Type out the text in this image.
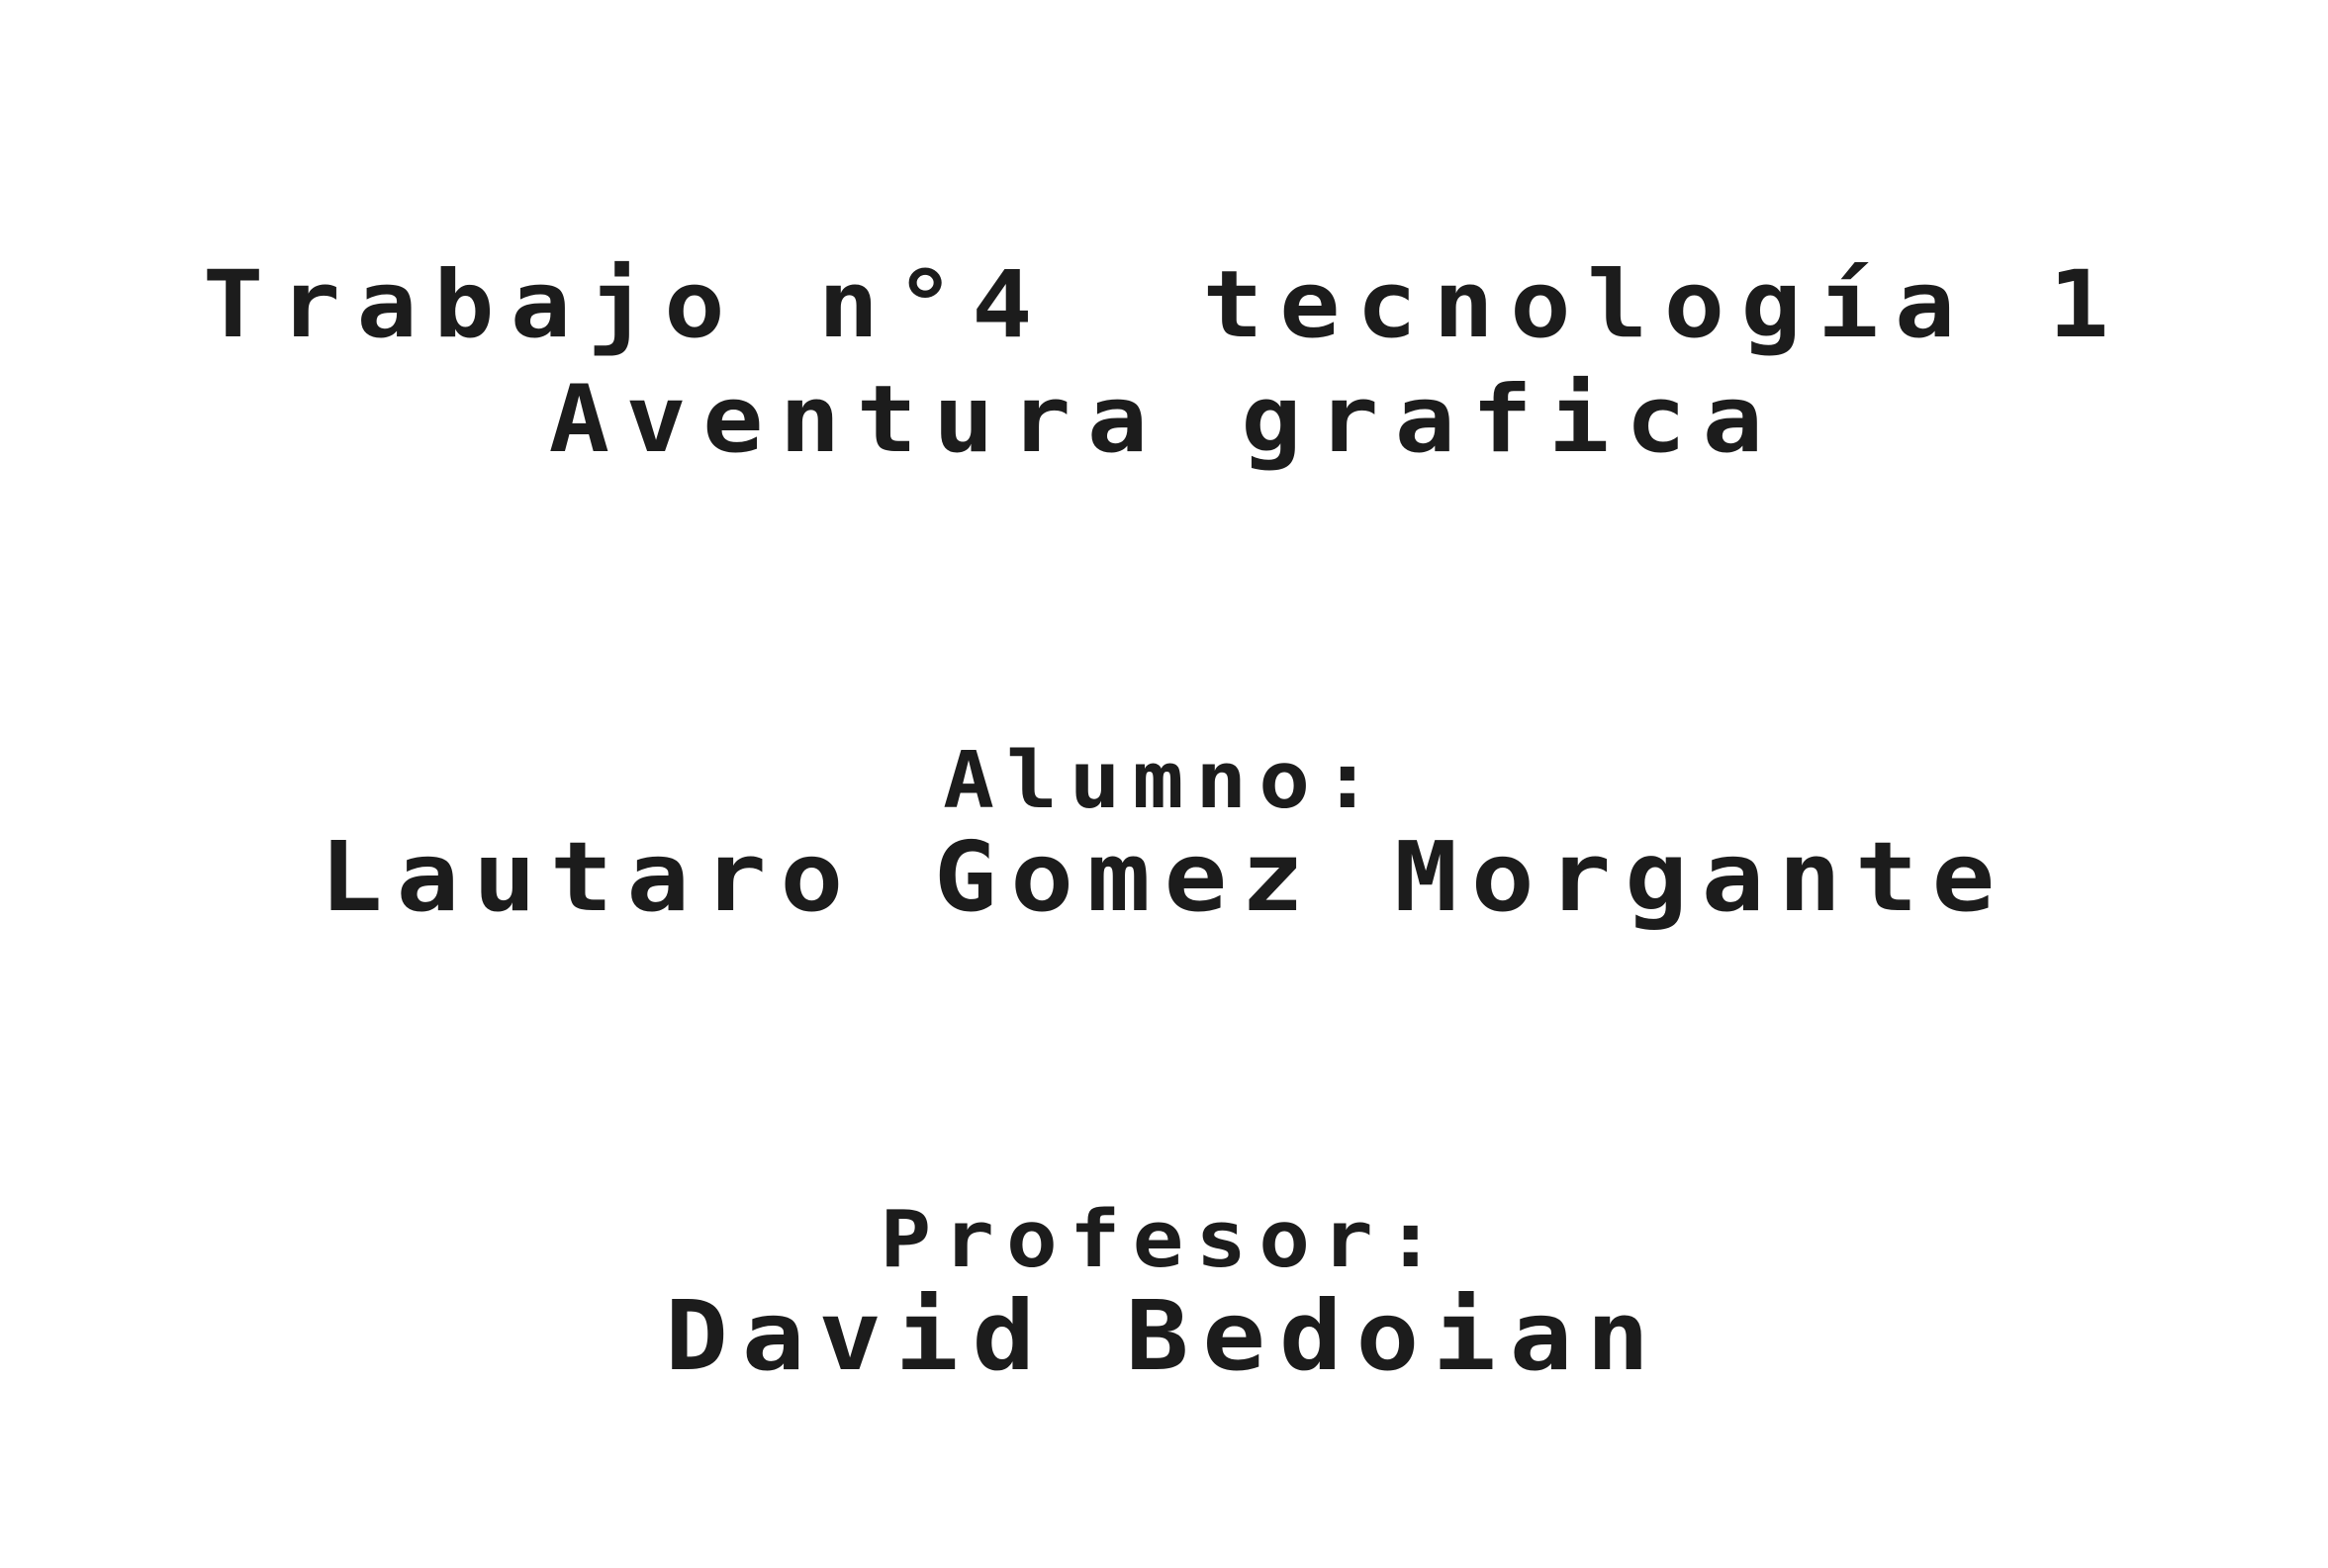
Trabajo n°4  tecnología 1
Aventura grafica
Alumno:
Lautaro Gomez Morgante
Profesor:
David Bedoian
